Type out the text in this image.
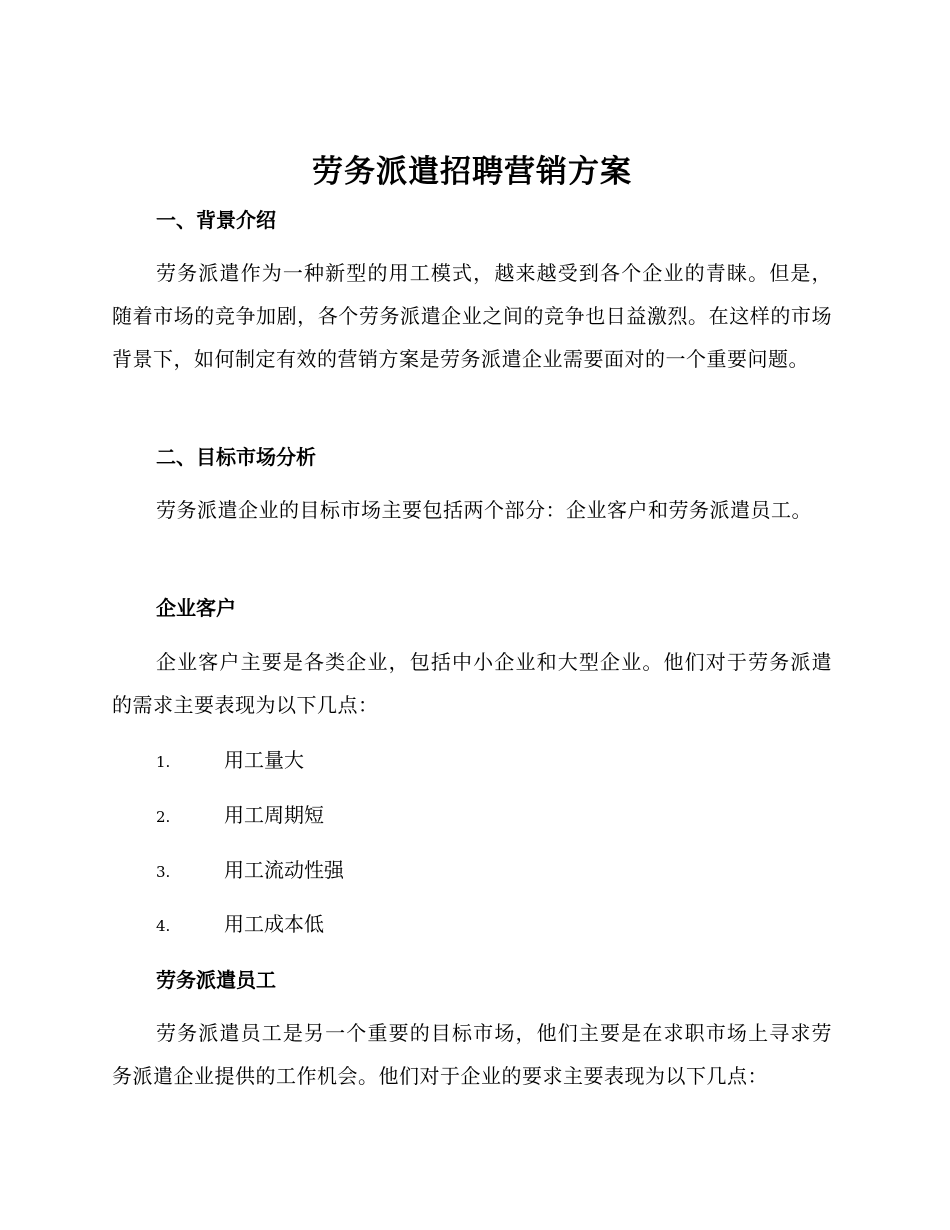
劳务派遣招聘营销方案
一、背景介绍
劳务派遣作为一种新型的用工模式，越来越受到各个企业的青睐。但是，随着市场的竞争加剧，各个劳务派遣企业之间的竞争也日益激烈。在这样的市场背景下，如何制定有效的营销方案是劳务派遣企业需要面对的一个重要问题。
二、目标市场分析
劳务派遣企业的目标市场主要包括两个部分：企业客户和劳务派遣员工。
企业客户
企业客户主要是各类企业，包括中小企业和大型企业。他们对于劳务派遣的需求主要表现为以下几点：
1.	用工量大
2.	用工周期短
3.	用工流动性强
4.	用工成本低
劳务派遣员工
劳务派遣员工是另一个重要的目标市场，他们主要是在求职市场上寻求劳务派遣企业提供的工作机会。他们对于企业的要求主要表现为以下几点：
